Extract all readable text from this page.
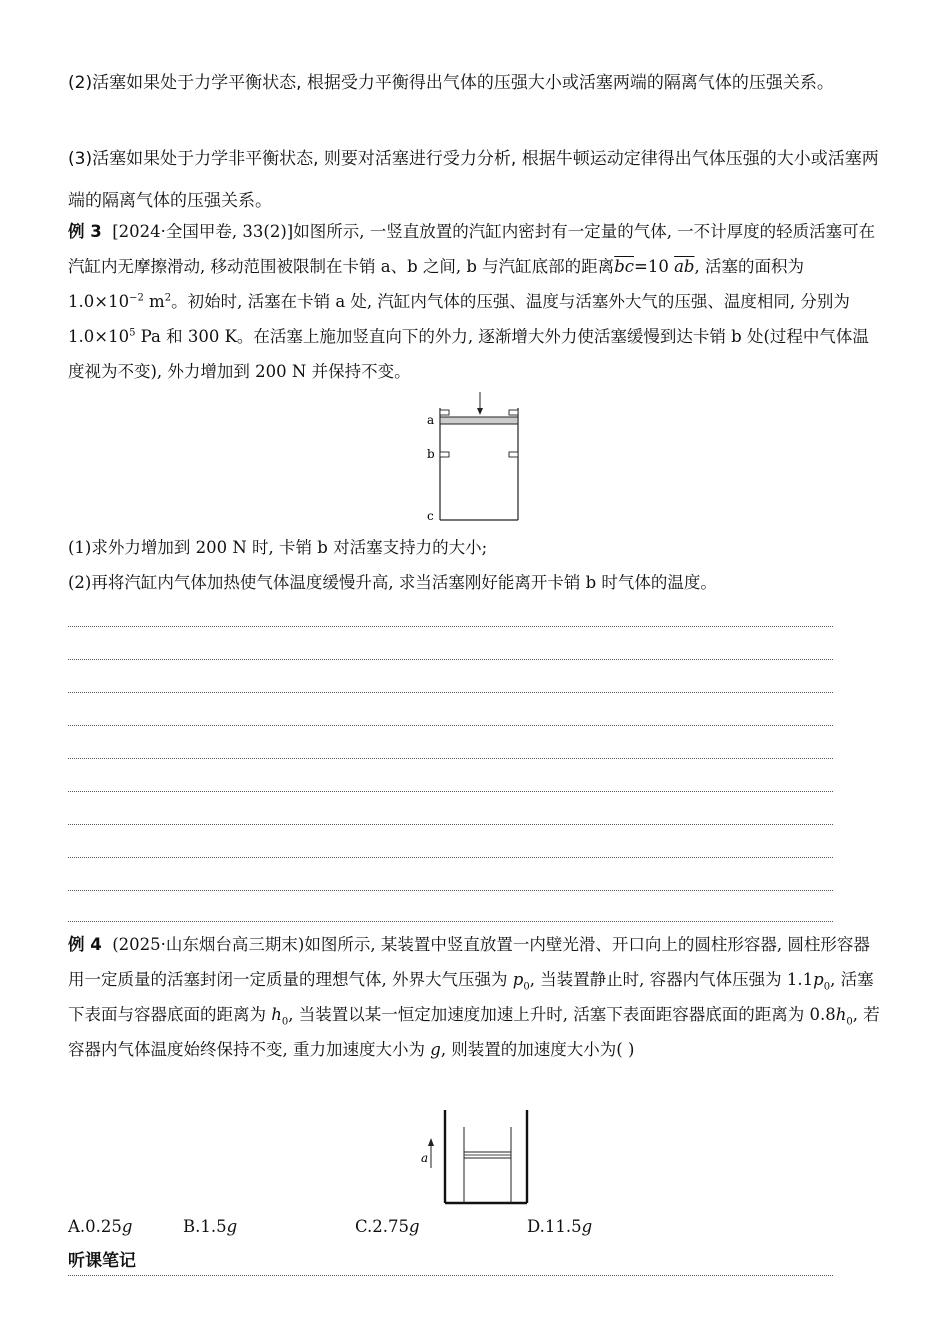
(2)活塞如果处于力学平衡状态, 根据受力平衡得出气体的压强大小或活塞两端的隔离气体的压强关系。
(3)活塞如果处于力学非平衡状态, 则要对活塞进行受力分析, 根据牛顿运动定律得出气体压强的大小或活塞两端的隔离气体的压强关系。
例 3 [2024·全国甲卷, 33(2)]如图所示, 一竖直放置的汽缸内密封有一定量的气体, 一不计厚度的轻质活塞可在汽缸内无摩擦滑动, 移动范围被限制在卡销 a、b 之间, b 与汽缸底部的距离$\overline{bc}=10$ $\overline{ab}$, 活塞的面积为 $1.0\times 10^{-2}$ $m^2$。初始时, 活塞在卡销 a 处, 汽缸内气体的压强、温度与活塞外大气的压强、温度相同, 分别为 $1.0\times 10^5$ Pa 和 300 K。在活塞上施加竖直向下的外力, 逐渐增大外力使活塞缓慢到达卡销 b 处(过程中气体温度视为不变), 外力增加到 200 N 并保持不变。
a
b
c
(1)求外力增加到 200 N 时, 卡销 b 对活塞支持力的大小;
(2)再将汽缸内气体加热使气体温度缓慢升高, 求当活塞刚好能离开卡销 b 时气体的温度。
例 4 (2025·山东烟台高三期末)如图所示, 某装置中竖直放置一内壁光滑、开口向上的圆柱形容器, 圆柱形容器用一定质量的活塞封闭一定质量的理想气体, 外界大气压强为 $p_0$, 当装置静止时, 容器内气体压强为 $1.1p_0$, 活塞下表面与容器底面的距离为 $h_0$, 当装置以某一恒定加速度加速上升时, 活塞下表面距容器底面的距离为 $0.8h_0$, 若容器内气体温度始终保持不变, 重力加速度大小为 g, 则装置的加速度大小为( )
a
A.0.25g	B.1.5g	C.2.75g	D.11.5g
听课笔记
